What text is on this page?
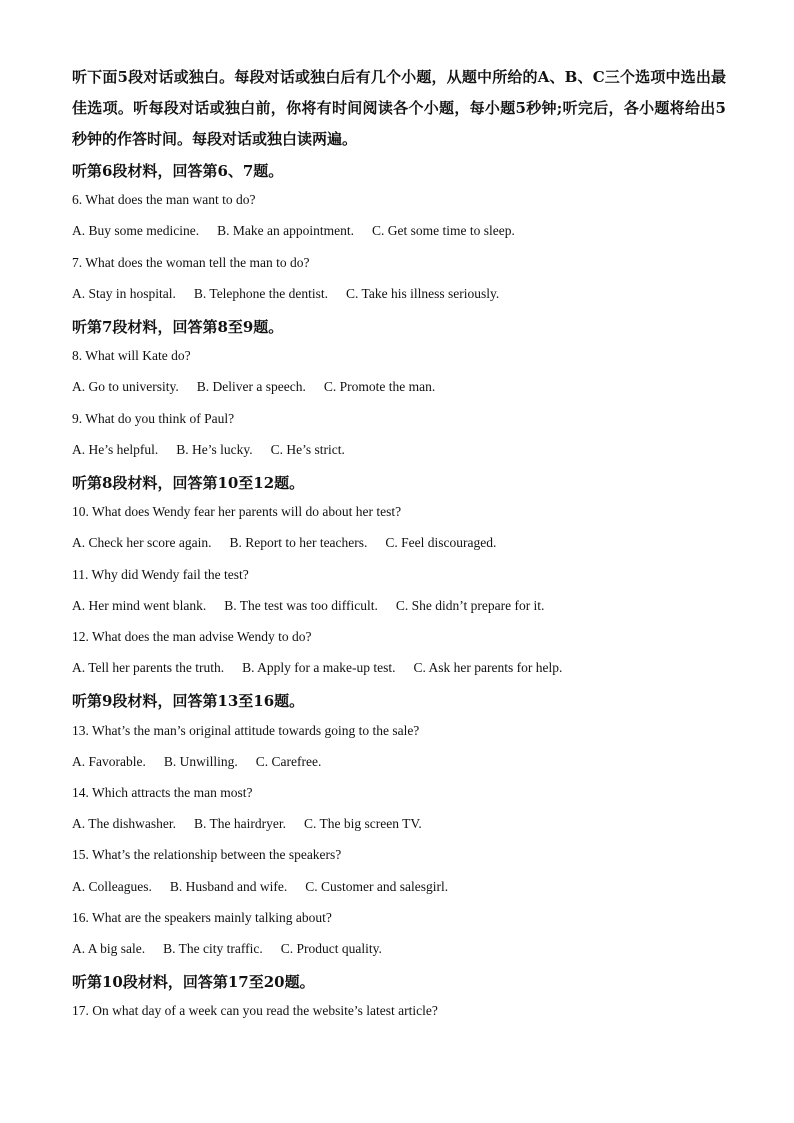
听下面5段对话或独白。每段对话或独白后有几个小题，从题中所给的A、B、C三个选项中选出最佳选项。听每段对话或独白前，你将有时间阅读各个小题，每小题5秒钟;听完后，各小题将给出5秒钟的作答时间。每段对话或独白读两遍。
听第6段材料，回答第6、7题。
6. What does the man want to do?
A. Buy some medicine. B. Make an appointment. C. Get some time to sleep.
7. What does the woman tell the man to do?
A. Stay in hospital. B. Telephone the dentist. C. Take his illness seriously.
听第7段材料，回答第8至9题。
8. What will Kate do?
A. Go to university. B. Deliver a speech. C. Promote the man.
9. What do you think of Paul?
A. He’s helpful. B. He’s lucky. C. He’s strict.
听第8段材料，回答第10至12题。
10. What does Wendy fear her parents will do about her test?
A. Check her score again. B. Report to her teachers. C. Feel discouraged.
11. Why did Wendy fail the test?
A. Her mind went blank. B. The test was too difficult. C. She didn’t prepare for it.
12. What does the man advise Wendy to do?
A. Tell her parents the truth. B. Apply for a make-up test. C. Ask her parents for help.
听第9段材料，回答第13至16题。
13. What’s the man’s original attitude towards going to the sale?
A. Favorable. B. Unwilling. C. Carefree.
14. Which attracts the man most?
A. The dishwasher. B. The hairdryer. C. The big screen TV.
15. What’s the relationship between the speakers?
A. Colleagues. B. Husband and wife. C. Customer and salesgirl.
16. What are the speakers mainly talking about?
A. A big sale. B. The city traffic. C. Product quality.
听第10段材料，回答第17至20题。
17. On what day of a week can you read the website’s latest article?
